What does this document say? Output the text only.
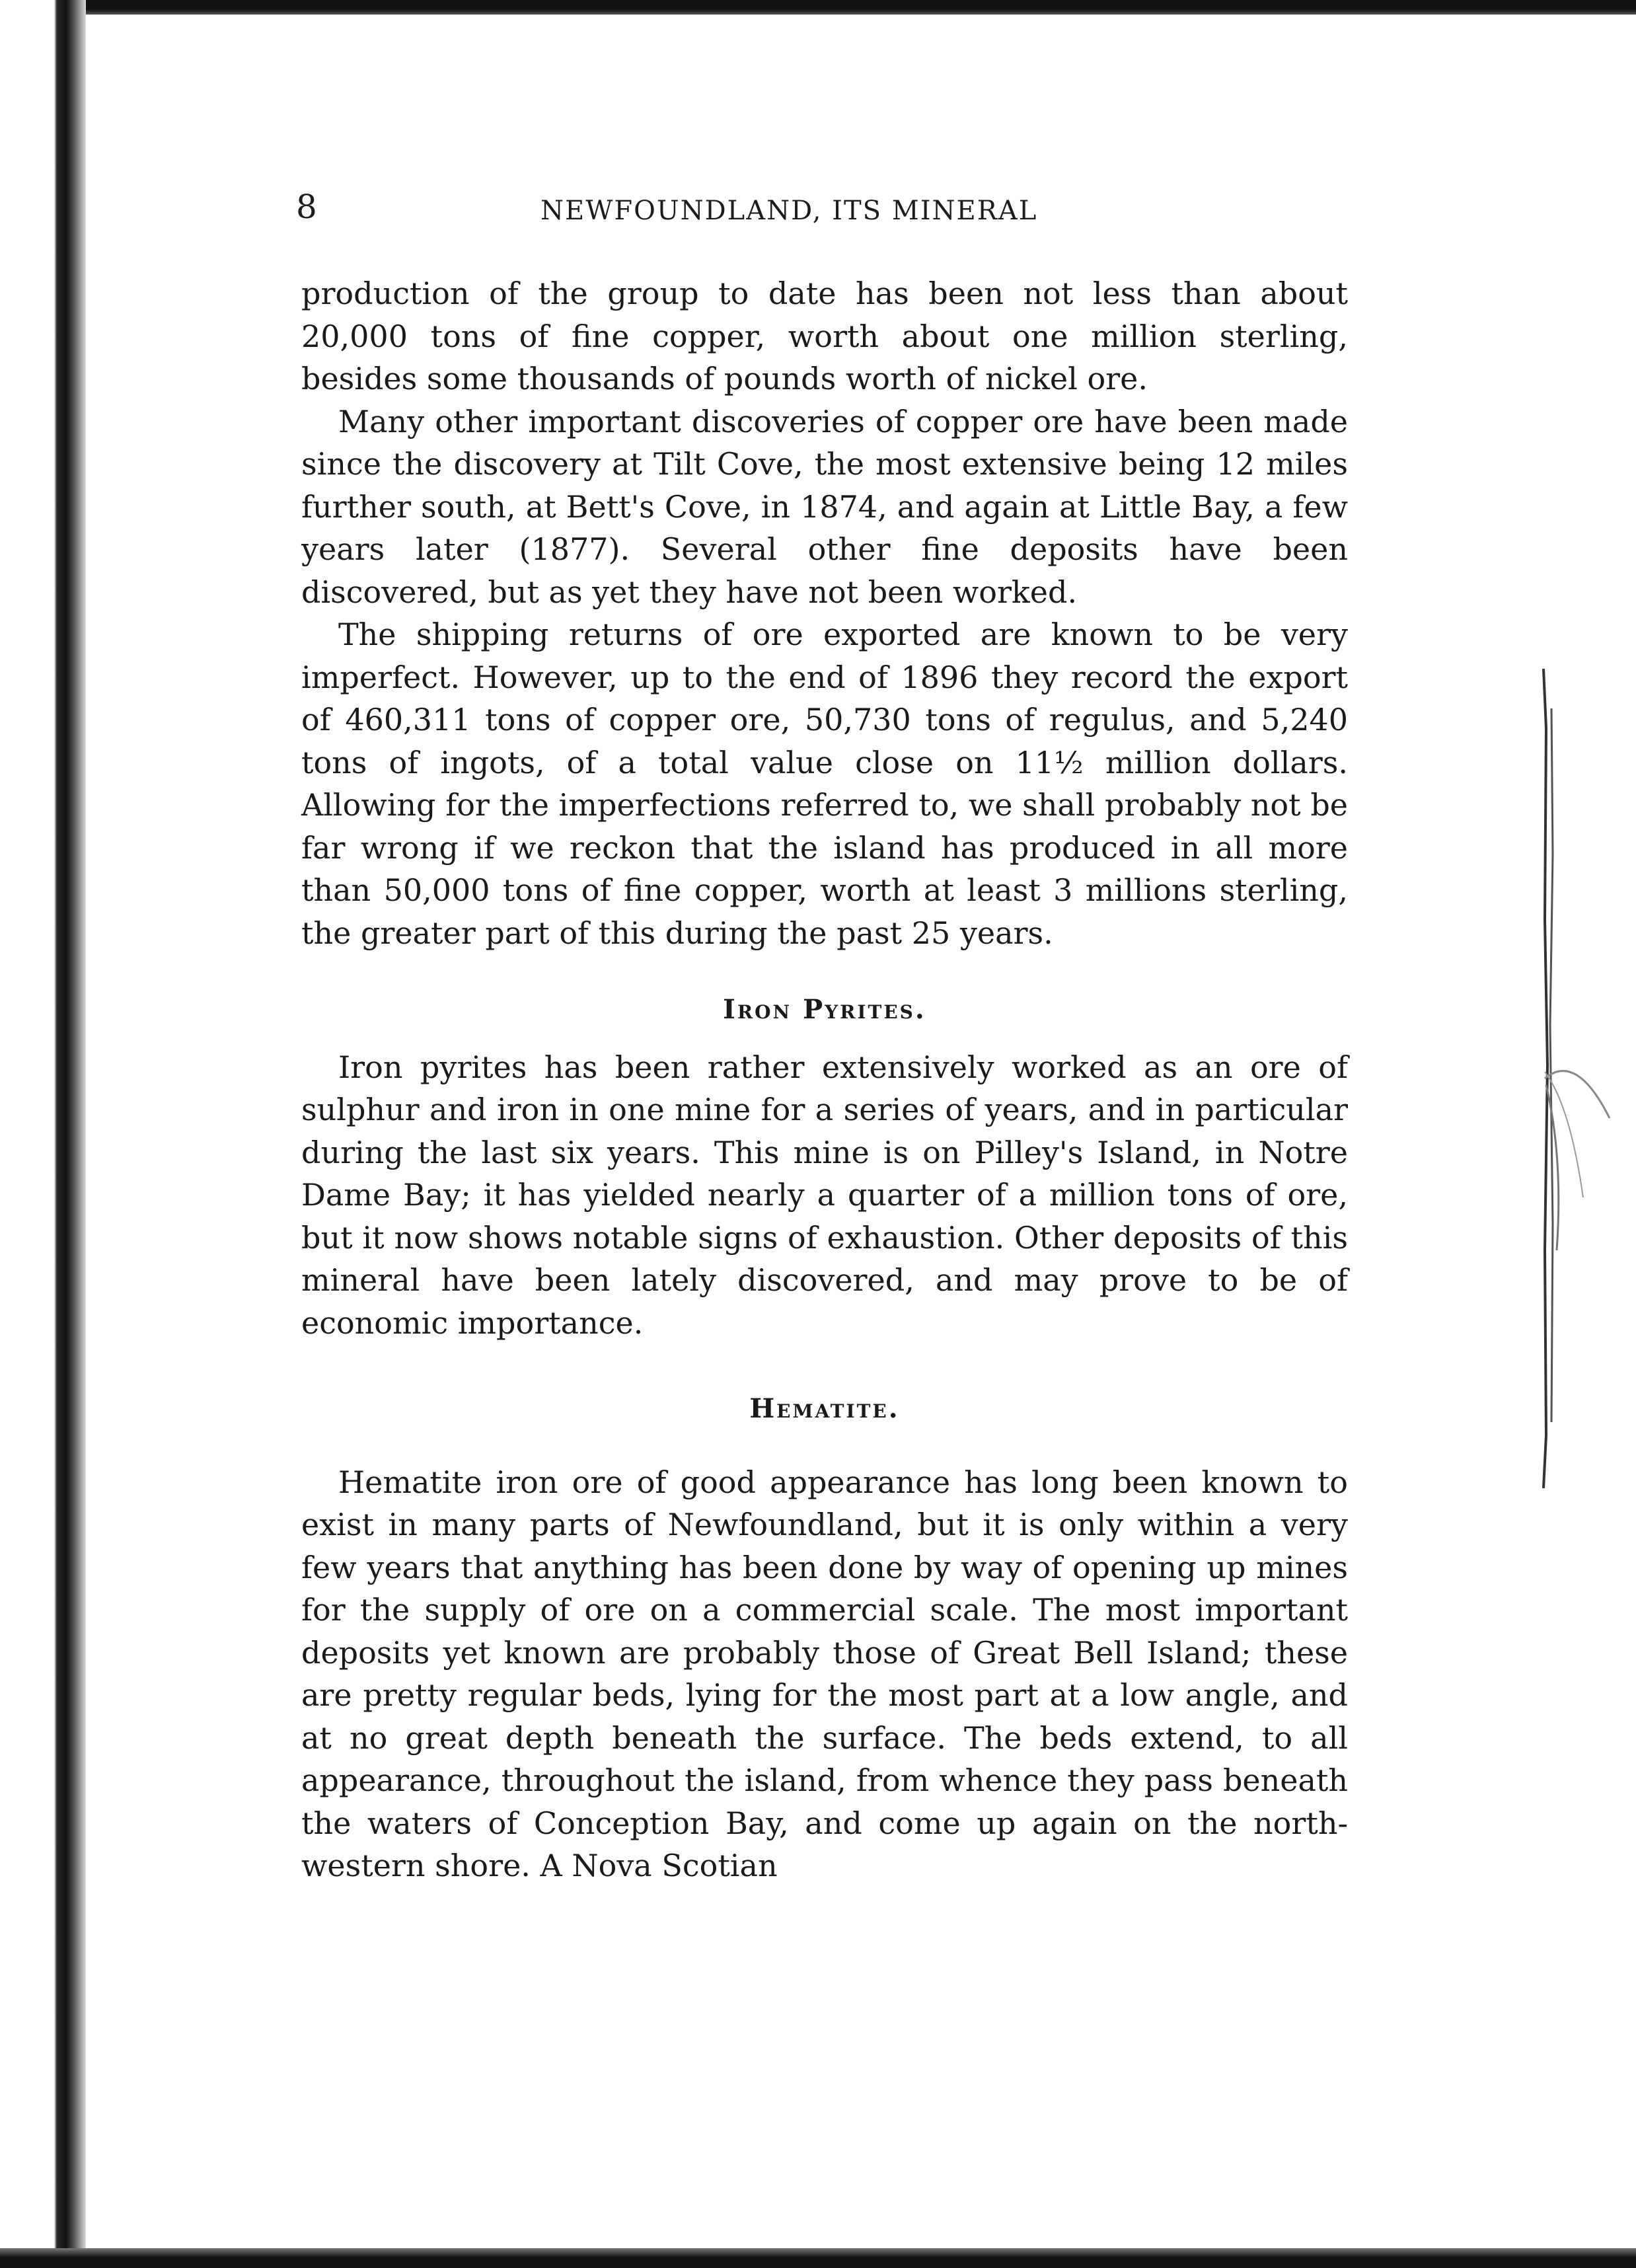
8	NEWFOUNDLAND, ITS MINERAL

production of the group to date has been not less than about 20,000 tons of fine copper, worth about one million sterling, besides some thousands of pounds worth of nickel ore.

Many other important discoveries of copper ore have been made since the discovery at Tilt Cove, the most extensive being 12 miles further south, at Bett's Cove, in 1874, and again at Little Bay, a few years later (1877). Several other fine deposits have been discovered, but as yet they have not been worked.

The shipping returns of ore exported are known to be very imperfect. However, up to the end of 1896 they record the export of 460,311 tons of copper ore, 50,730 tons of regulus, and 5,240 tons of ingots, of a total value close on 11½ million dollars. Allowing for the imperfections referred to, we shall probably not be far wrong if we reckon that the island has produced in all more than 50,000 tons of fine copper, worth at least 3 millions sterling, the greater part of this during the past 25 years.

Iron Pyrites.

Iron pyrites has been rather extensively worked as an ore of sulphur and iron in one mine for a series of years, and in particular during the last six years. This mine is on Pilley's Island, in Notre Dame Bay; it has yielded nearly a quarter of a million tons of ore, but it now shows notable signs of exhaustion. Other deposits of this mineral have been lately discovered, and may prove to be of economic importance.

Hematite.

Hematite iron ore of good appearance has long been known to exist in many parts of Newfoundland, but it is only within a very few years that anything has been done by way of opening up mines for the supply of ore on a commercial scale. The most important deposits yet known are probably those of Great Bell Island; these are pretty regular beds, lying for the most part at a low angle, and at no great depth beneath the surface. The beds extend, to all appearance, throughout the island, from whence they pass beneath the waters of Conception Bay, and come up again on the north-western shore. A Nova Scotian
